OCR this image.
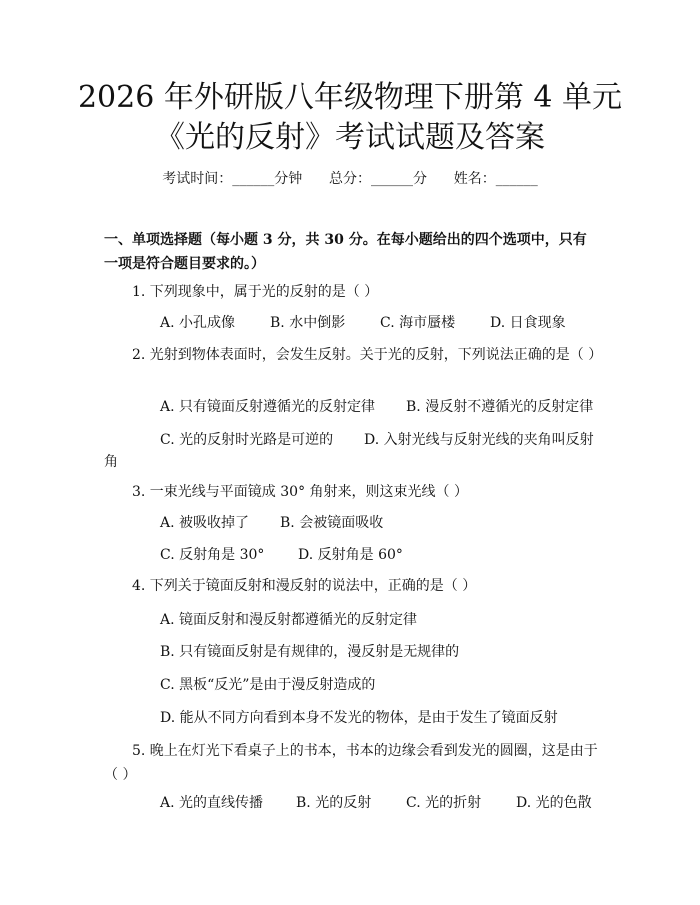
2026 年外研版八年级物理下册第 4 单元《光的反射》考试试题及答案
考试时间：______分钟      总分：______分      姓名：______

一、单项选择题（每小题 3 分，共 30 分。在每小题给出的四个选项中，只有一项是符合题目要求的。）

1. 下列现象中，属于光的反射的是（ ）
A. 小孔成像 B. 水中倒影 C. 海市蜃楼 D. 日食现象
2. 光射到物体表面时，会发生反射。关于光的反射，下列说法正确的是（ ）
A. 只有镜面反射遵循光的反射定律 B. 漫反射不遵循光的反射定律
C. 光的反射时光路是可逆的 D. 入射光线与反射光线的夹角叫反射
角
3. 一束光线与平面镜成 30° 角射来，则这束光线（ ）
A. 被吸收掉了 B. 会被镜面吸收
C. 反射角是 30° D. 反射角是 60°
4. 下列关于镜面反射和漫反射的说法中，正确的是（ ）
A. 镜面反射和漫反射都遵循光的反射定律
B. 只有镜面反射是有规律的，漫反射是无规律的
C. 黑板“反光”是由于漫反射造成的
D. 能从不同方向看到本身不发光的物体，是由于发生了镜面反射
5. 晚上在灯光下看桌子上的书本，书本的边缘会看到发光的圆圈，这是由于（ ）
A. 光的直线传播 B. 光的反射 C. 光的折射 D. 光的色散
